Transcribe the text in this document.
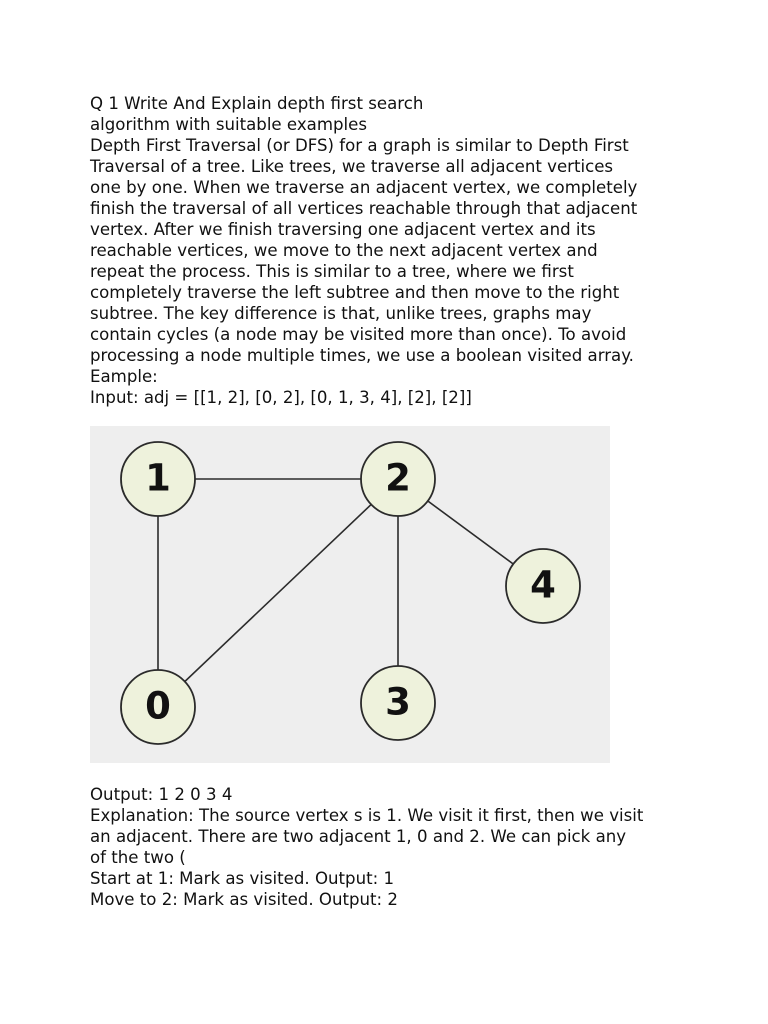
Q 1 Write And Explain depth first search
algorithm with suitable examples
Depth First Traversal (or DFS) for a graph is similar to Depth First
Traversal of a tree. Like trees, we traverse all adjacent vertices
one by one. When we traverse an adjacent vertex, we completely
finish the traversal of all vertices reachable through that adjacent
vertex. After we finish traversing one adjacent vertex and its
reachable vertices, we move to the next adjacent vertex and
repeat the process. This is similar to a tree, where we first
completely traverse the left subtree and then move to the right
subtree. The key difference is that, unlike trees, graphs may
contain cycles (a node may be visited more than once). To avoid
processing a node multiple times, we use a boolean visited array.
Eample:
Input: adj = [[1, 2], [0, 2], [0, 1, 3, 4], [2], [2]]
1	2
4
0	3
Output: 1 2 0 3 4
Explanation: The source vertex s is 1. We visit it first, then we visit
an adjacent. There are two adjacent 1, 0 and 2. We can pick any
of the two (
Start at 1: Mark as visited. Output: 1
Move to 2: Mark as visited. Output: 2
